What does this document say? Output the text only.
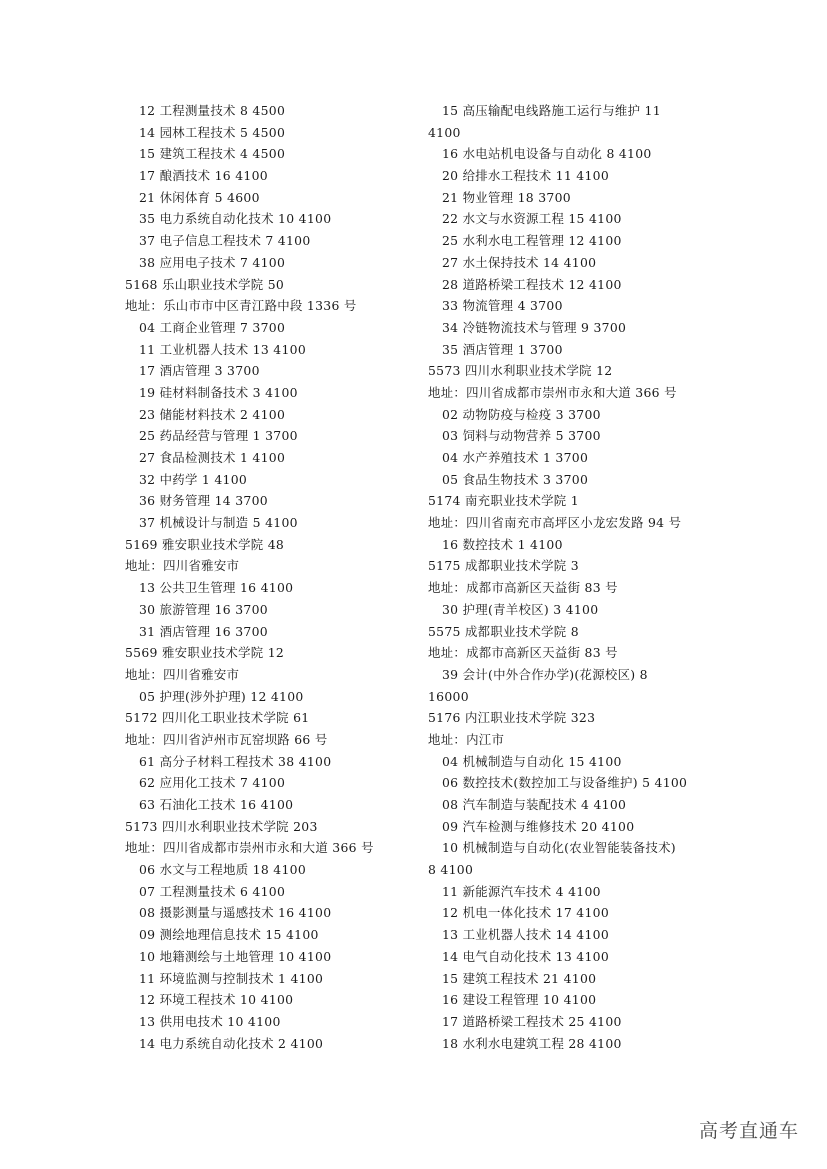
12 工程测量技术 8 4500
14 园林工程技术 5 4500
15 建筑工程技术 4 4500
17 酿酒技术 16 4100
21 休闲体育 5 4600
35 电力系统自动化技术 10 4100
37 电子信息工程技术 7 4100
38 应用电子技术 7 4100
5168 乐山职业技术学院 50
地址：乐山市市中区青江路中段 1336 号
04 工商企业管理 7 3700
11 工业机器人技术 13 4100
17 酒店管理 3 3700
19 硅材料制备技术 3 4100
23 储能材料技术 2 4100
25 药品经营与管理 1 3700
27 食品检测技术 1 4100
32 中药学 1 4100
36 财务管理 14 3700
37 机械设计与制造 5 4100
5169 雅安职业技术学院 48
地址：四川省雅安市
13 公共卫生管理 16 4100
30 旅游管理 16 3700
31 酒店管理 16 3700
5569 雅安职业技术学院 12
地址：四川省雅安市
05 护理(涉外护理) 12 4100
5172 四川化工职业技术学院 61
地址：四川省泸州市瓦窑坝路 66 号
61 高分子材料工程技术 38 4100
62 应用化工技术 7 4100
63 石油化工技术 16 4100
5173 四川水利职业技术学院 203
地址：四川省成都市崇州市永和大道 366 号
06 水文与工程地质 18 4100
07 工程测量技术 6 4100
08 摄影测量与遥感技术 16 4100
09 测绘地理信息技术 15 4100
10 地籍测绘与土地管理 10 4100
11 环境监测与控制技术 1 4100
12 环境工程技术 10 4100
13 供用电技术 10 4100
14 电力系统自动化技术 2 4100
15 高压输配电线路施工运行与维护 11
4100
16 水电站机电设备与自动化 8 4100
20 给排水工程技术 11 4100
21 物业管理 18 3700
22 水文与水资源工程 15 4100
25 水利水电工程管理 12 4100
27 水土保持技术 14 4100
28 道路桥梁工程技术 12 4100
33 物流管理 4 3700
34 冷链物流技术与管理 9 3700
35 酒店管理 1 3700
5573 四川水利职业技术学院 12
地址：四川省成都市崇州市永和大道 366 号
02 动物防疫与检疫 3 3700
03 饲料与动物营养 5 3700
04 水产养殖技术 1 3700
05 食品生物技术 3 3700
5174 南充职业技术学院 1
地址：四川省南充市高坪区小龙宏发路 94 号
16 数控技术 1 4100
5175 成都职业技术学院 3
地址：成都市高新区天益街 83 号
30 护理(青羊校区) 3 4100
5575 成都职业技术学院 8
地址：成都市高新区天益街 83 号
39 会计(中外合作办学)(花源校区) 8
16000
5176 内江职业技术学院 323
地址：内江市
04 机械制造与自动化 15 4100
06 数控技术(数控加工与设备维护) 5 4100
08 汽车制造与装配技术 4 4100
09 汽车检测与维修技术 20 4100
10 机械制造与自动化(农业智能装备技术)
8 4100
11 新能源汽车技术 4 4100
12 机电一体化技术 17 4100
13 工业机器人技术 14 4100
14 电气自动化技术 13 4100
15 建筑工程技术 21 4100
16 建设工程管理 10 4100
17 道路桥梁工程技术 25 4100
18 水利水电建筑工程 28 4100
高考直通车
